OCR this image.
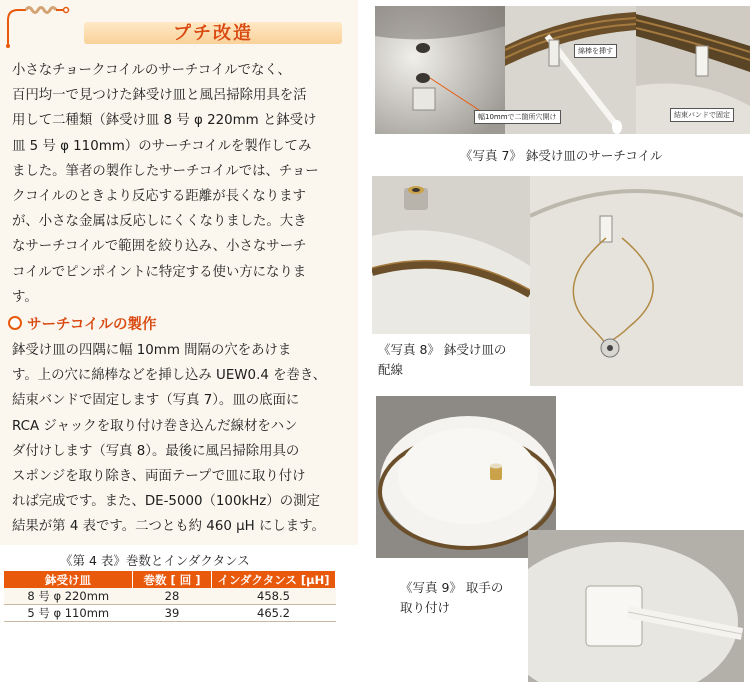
プチ改造
小さなチョークコイルのサーチコイルでなく、
百円均一で見つけた鉢受け皿と風呂掃除用具を活
用して二種類（鉢受け皿 8 号 φ 220mm と鉢受け
皿 5 号 φ 110mm）のサーチコイルを製作してみ
ました。筆者の製作したサーチコイルでは、チョー
クコイルのときより反応する距離が長くなります
が、小さな金属は反応しにくくなりました。大き
なサーチコイルで範囲を絞り込み、小さなサーチ
コイルでピンポイントに特定する使い方になりま
す。
サーチコイルの製作
鉢受け皿の四隅に幅 10mm 間隔の穴をあけま
す。上の穴に綿棒などを挿し込み UEW0.4 を巻き、
結束バンドで固定します（写真 7）。皿の底面に
RCA ジャックを取り付け巻き込んだ線材をハン
ダ付けします（写真 8）。最後に風呂掃除用具の
スポンジを取り除き、両面テープで皿に取り付け
れば完成です。また、DE-5000（100kHz）の測定
結果が第 4 表です。二つとも約 460 μH にします。
《第 4 表》巻数とインダクタンス
鉢受け皿	巻数 [ 回 ]	インダクタンス [μH]
8 号 φ 220mm	28	458.5
5 号 φ 110mm	39	465.2
綿棒を挿す
幅10mmで二箇所穴開け	結束バンドで固定
《写真 7》 鉢受け皿のサーチコイル
《写真 8》 鉢受け皿の
配線
《写真 9》 取手の
取り付け
